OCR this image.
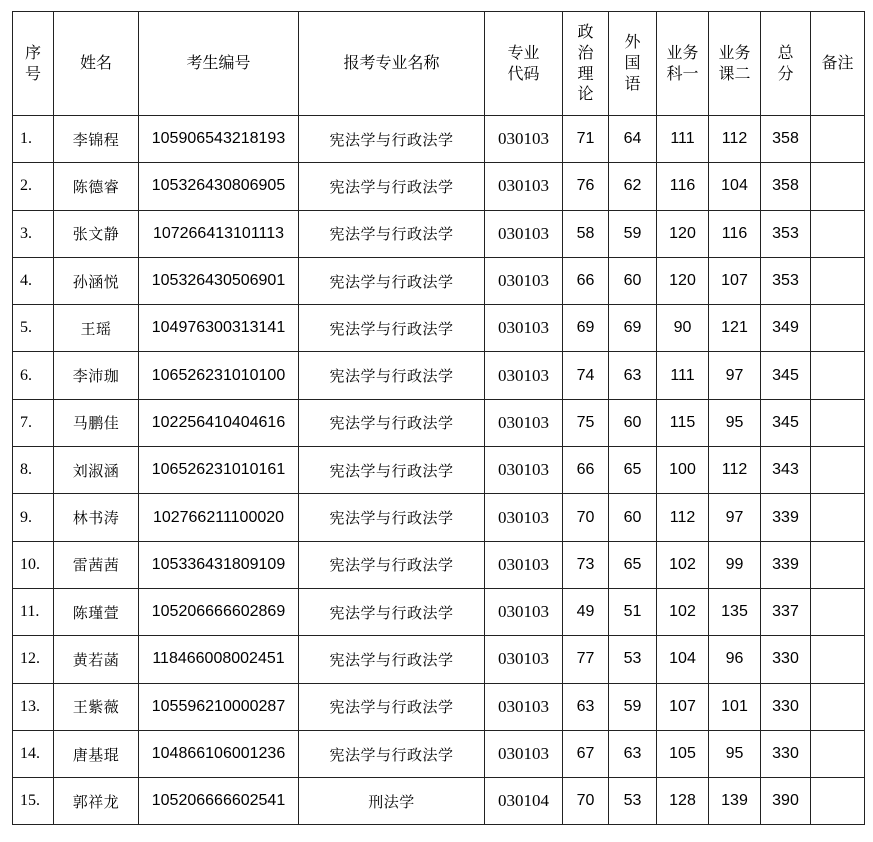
序号	姓名	考生编号	报考专业名称	专业代码	政治理论	外国语	业务科一	业务课二	总分	备注
1.	李锦程	105906543218193	宪法学与行政法学	030103	71	64	111	112	358	
2.	陈德睿	105326430806905	宪法学与行政法学	030103	76	62	116	104	358	
3.	张文静	107266413101113	宪法学与行政法学	030103	58	59	120	116	353	
4.	孙涵悦	105326430506901	宪法学与行政法学	030103	66	60	120	107	353	
5.	王瑶	104976300313141	宪法学与行政法学	030103	69	69	90	121	349	
6.	李沛珈	106526231010100	宪法学与行政法学	030103	74	63	111	97	345	
7.	马鹏佳	102256410404616	宪法学与行政法学	030103	75	60	115	95	345	
8.	刘淑涵	106526231010161	宪法学与行政法学	030103	66	65	100	112	343	
9.	林书涛	102766211100020	宪法学与行政法学	030103	70	60	112	97	339	
10.	雷茜茜	105336431809109	宪法学与行政法学	030103	73	65	102	99	339	
11.	陈瑾萱	105206666602869	宪法学与行政法学	030103	49	51	102	135	337	
12.	黄若菡	118466008002451	宪法学与行政法学	030103	77	53	104	96	330	
13.	王紫薇	105596210000287	宪法学与行政法学	030103	63	59	107	101	330	
14.	唐基琨	104866106001236	宪法学与行政法学	030103	67	63	105	95	330	
15.	郭祥龙	105206666602541	刑法学	030104	70	53	128	139	390	
